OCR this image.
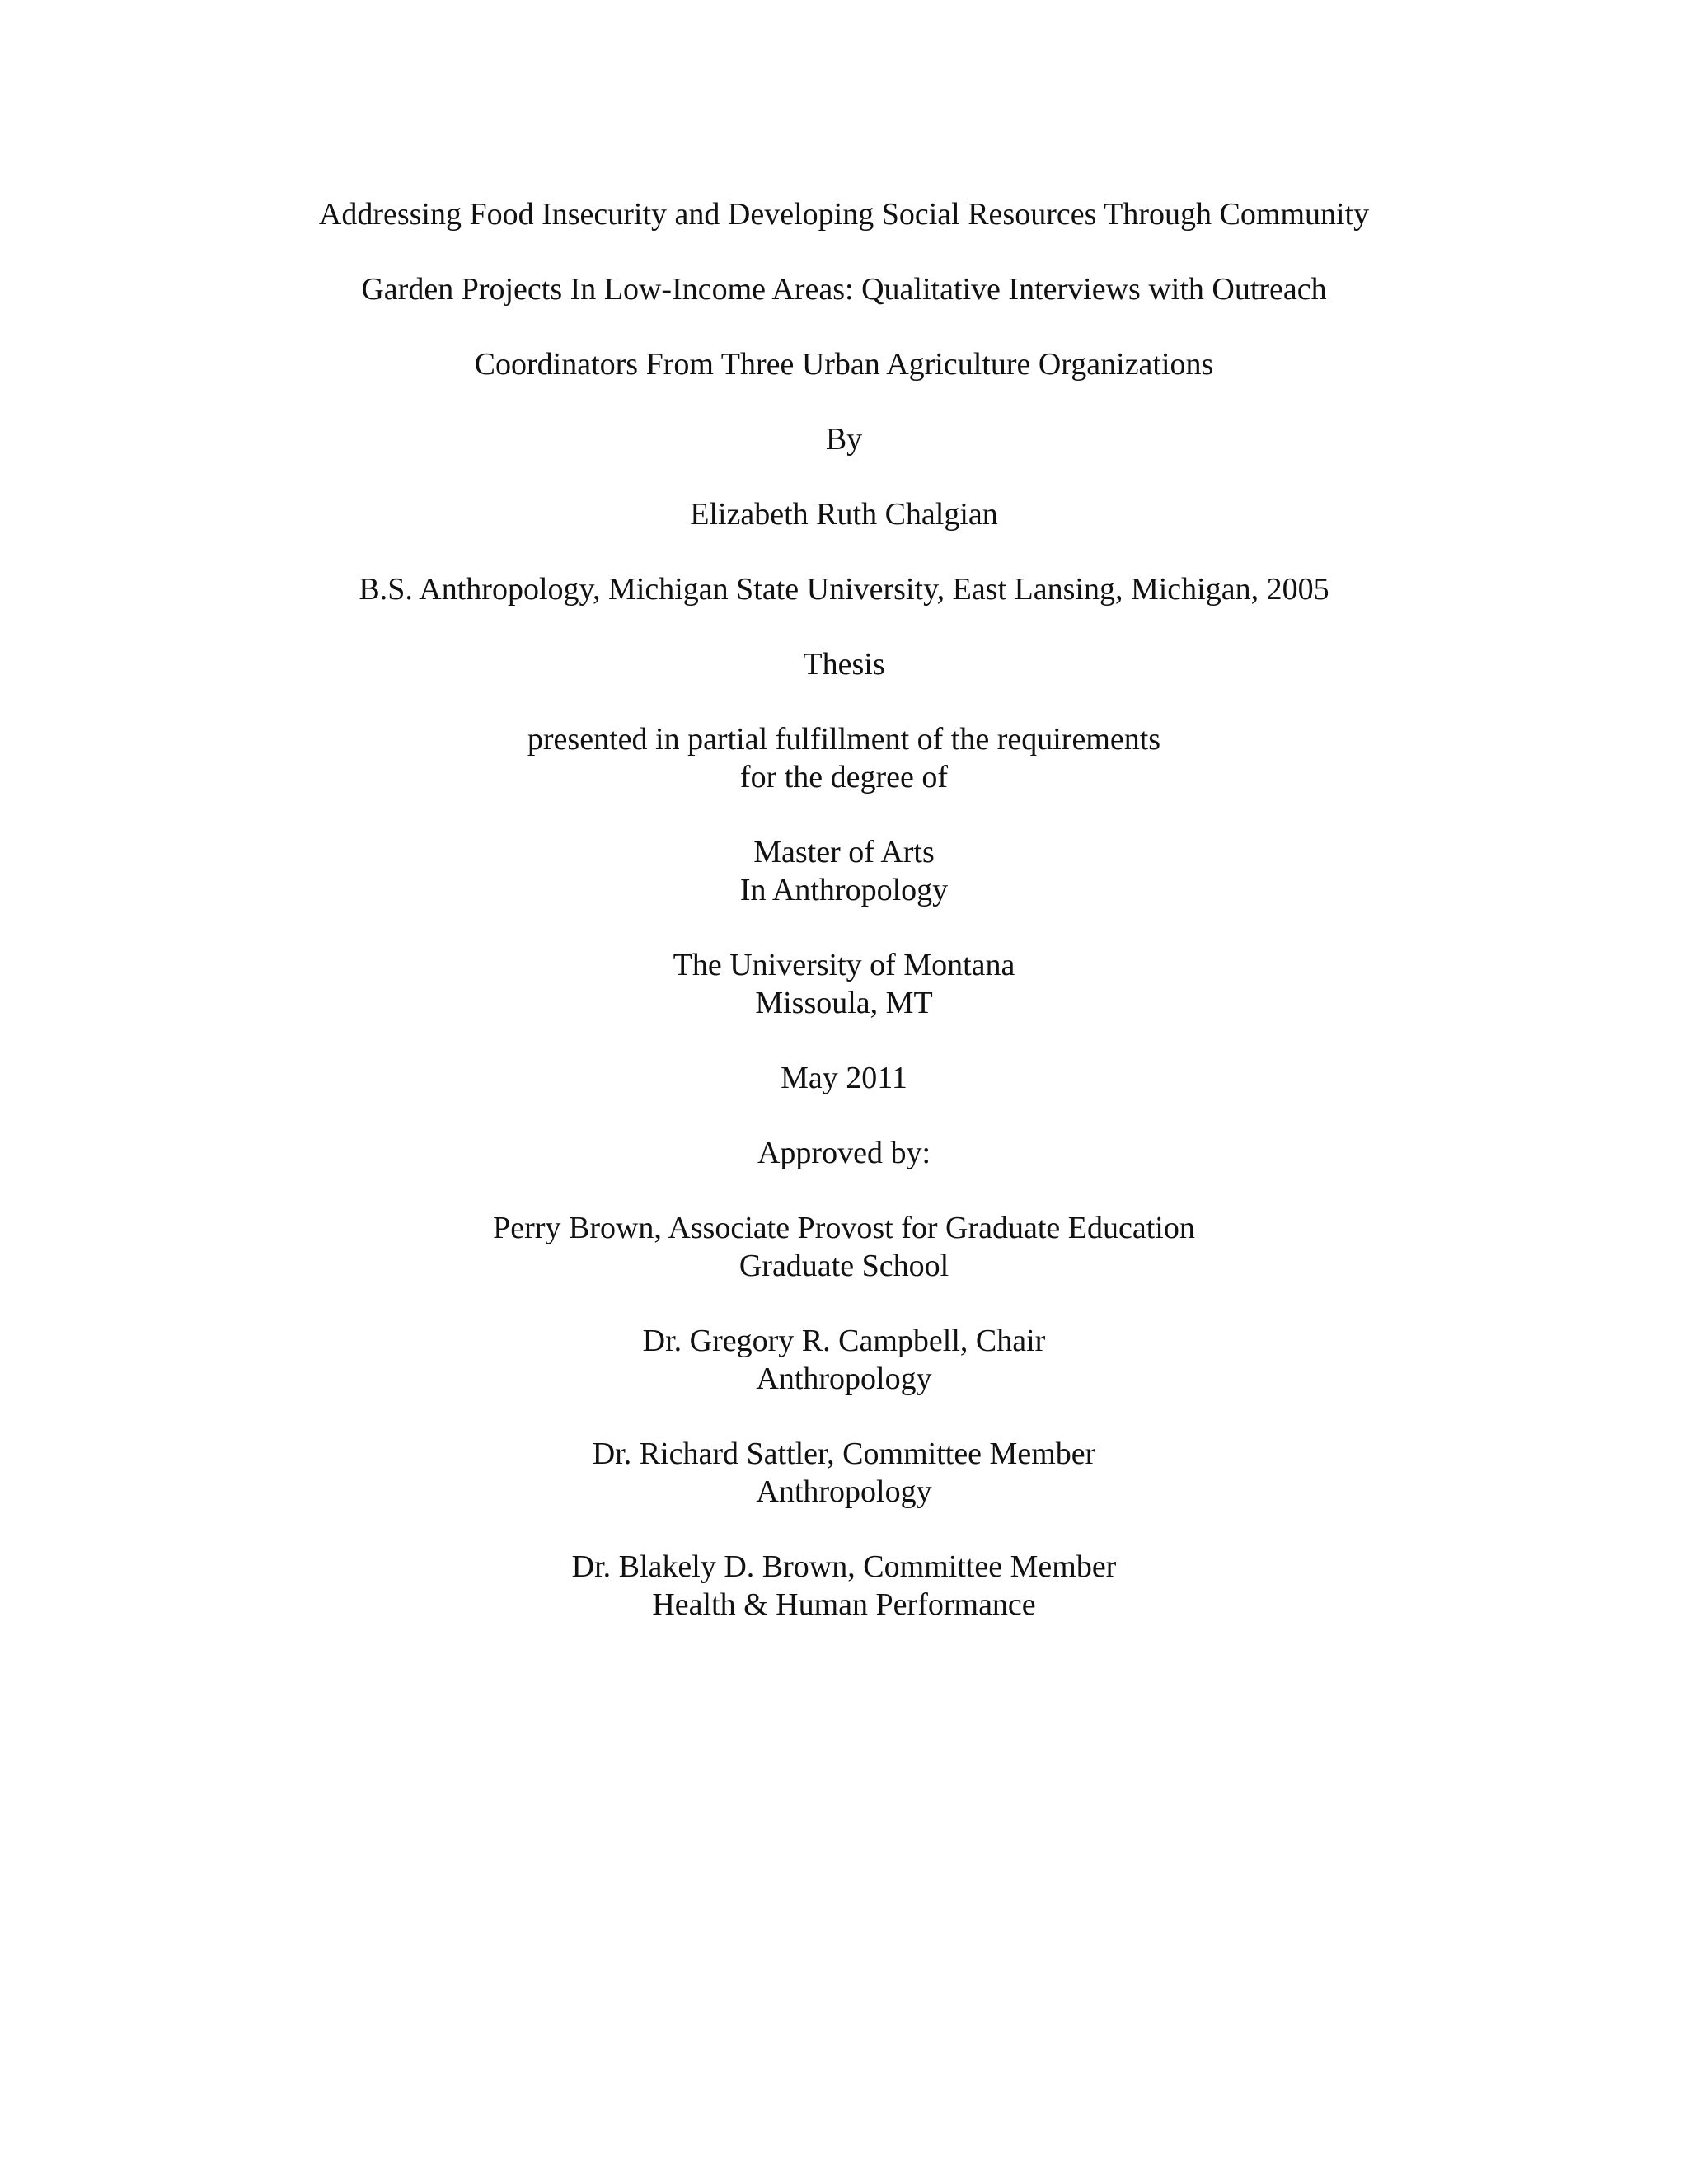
Addressing Food Insecurity and Developing Social Resources Through Community
Garden Projects In Low-Income Areas: Qualitative Interviews with Outreach
Coordinators From Three Urban Agriculture Organizations
By
Elizabeth Ruth Chalgian
B.S. Anthropology, Michigan State University, East Lansing, Michigan, 2005
Thesis
presented in partial fulfillment of the requirements
for the degree of
Master of Arts
In Anthropology
The University of Montana
Missoula, MT
May 2011
Approved by:
Perry Brown, Associate Provost for Graduate Education
Graduate School
Dr. Gregory R. Campbell, Chair
Anthropology
Dr. Richard Sattler, Committee Member
Anthropology
Dr. Blakely D. Brown, Committee Member
Health & Human Performance
